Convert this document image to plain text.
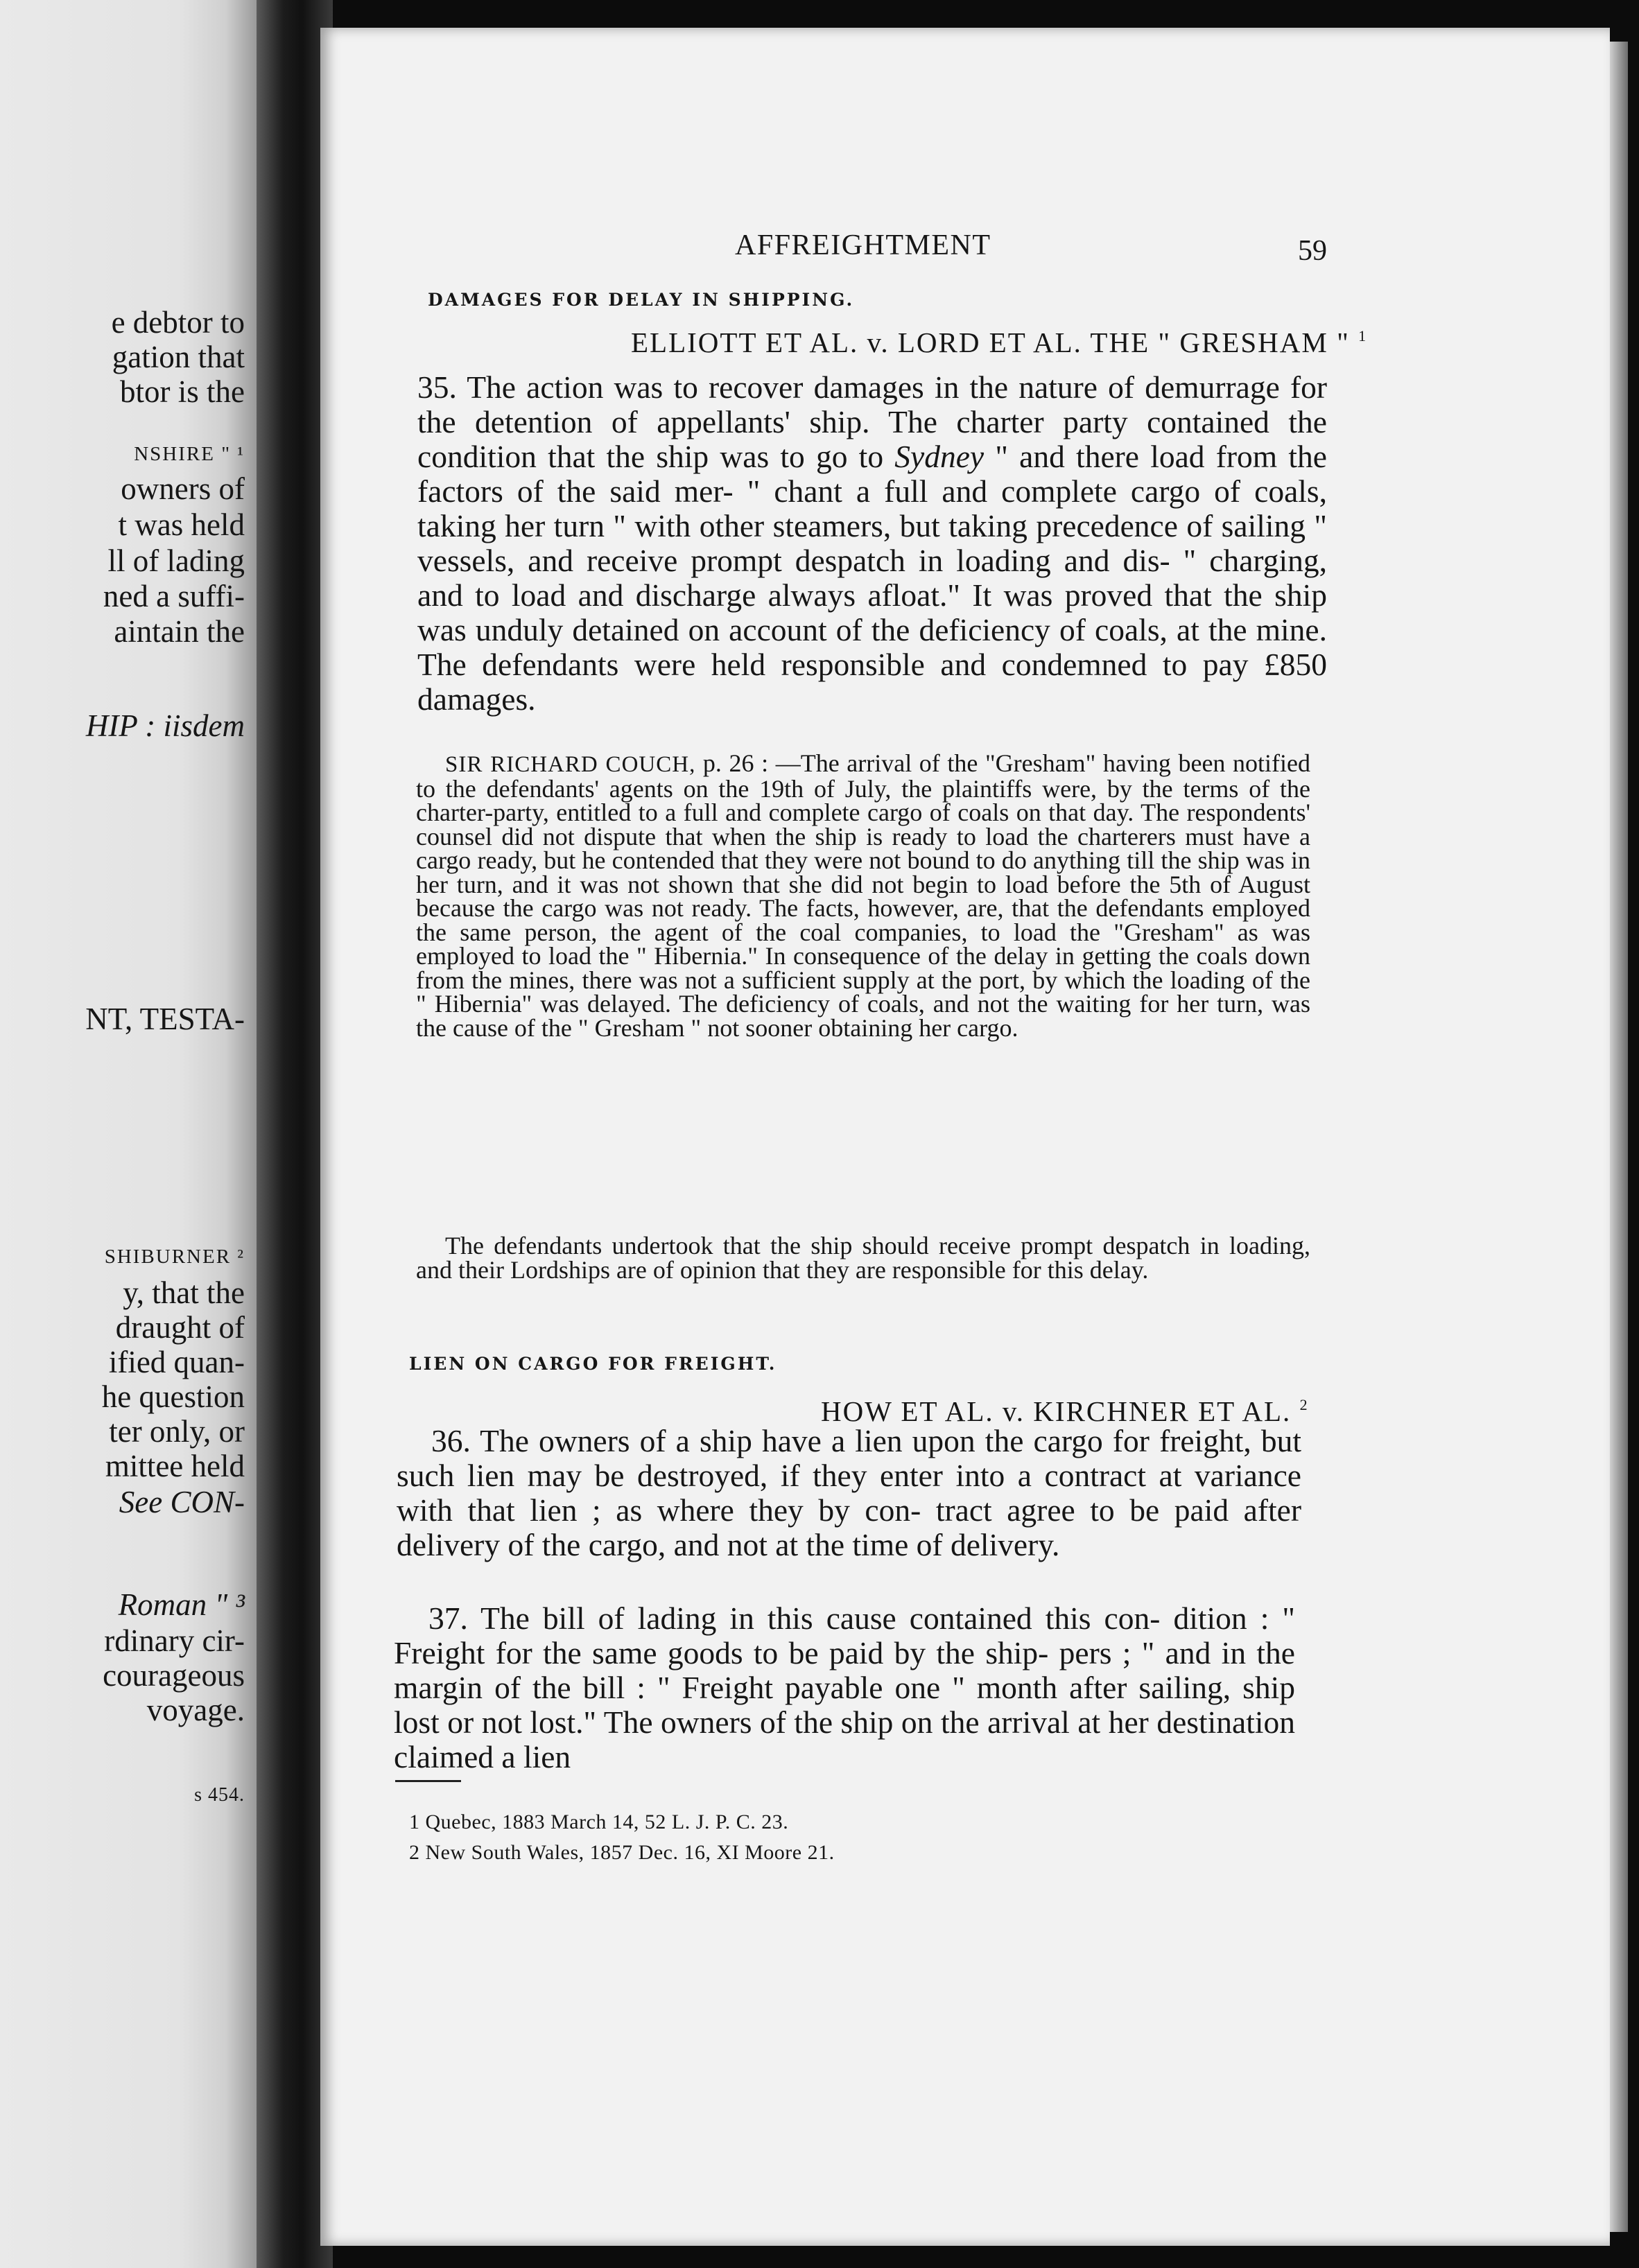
e debtor to
gation that
btor is the
NSHIRE " ¹
owners of
t was held
ll of lading
ned a suffi-
aintain the
HIP : iisdem
NT, TESTA-
SHIBURNER ²
y, that the
draught of
ified quan-
he question
ter only, or
mittee held
See CON-
Roman " ³
rdinary cir-
courageous
voyage.
s 454.
AFFREIGHTMENT	59
DAMAGES FOR DELAY IN SHIPPING.
ELLIOTT ET AL. v. LORD ET AL. THE " GRESHAM " $^1$

35. The action was to recover damages in the nature of demurrage for the detention of appellants' ship. The charter party contained the condition that the ship was to go to Sydney " and there load from the factors of the said mer- " chant a full and complete cargo of coals, taking her turn " with other steamers, but taking precedence of sailing " vessels, and receive prompt despatch in loading and dis- " charging, and to load and discharge always afloat." It was proved that the ship was unduly detained on account of the deficiency of coals, at the mine. The defendants were held responsible and condemned to pay £850 damages.

SIR RICHARD COUCH, p. 26 : —The arrival of the "Gresham" having been notified to the defendants' agents on the 19th of July, the plaintiffs were, by the terms of the charter-party, entitled to a full and complete cargo of coals on that day. The respondents' counsel did not dispute that when the ship is ready to load the charterers must have a cargo ready, but he contended that they were not bound to do anything till the ship was in her turn, and it was not shown that she did not begin to load before the 5th of August because the cargo was not ready. The facts, however, are, that the defendants employed the same person, the agent of the coal companies, to load the "Gresham" as was employed to load the " Hibernia." In consequence of the delay in getting the coals down from the mines, there was not a sufficient supply at the port, by which the loading of the " Hibernia" was delayed. The deficiency of coals, and not the waiting for her turn, was the cause of the " Gresham " not sooner obtaining her cargo.

The defendants undertook that the ship should receive prompt despatch in loading, and their Lordships are of opinion that they are responsible for this delay.

LIEN ON CARGO FOR FREIGHT.
HOW ET AL. v. KIRCHNER ET AL. $^2$

36. The owners of a ship have a lien upon the cargo for freight, but such lien may be destroyed, if they enter into a contract at variance with that lien ; as where they by con- tract agree to be paid after delivery of the cargo, and not at the time of delivery.

37. The bill of lading in this cause contained this con- dition : " Freight for the same goods to be paid by the ship- pers ; " and in the margin of the bill : " Freight payable one " month after sailing, ship lost or not lost." The owners of the ship on the arrival at her destination claimed a lien

1 Quebec, 1883 March 14, 52 L. J. P. C. 23.
2 New South Wales, 1857 Dec. 16, XI Moore 21.
